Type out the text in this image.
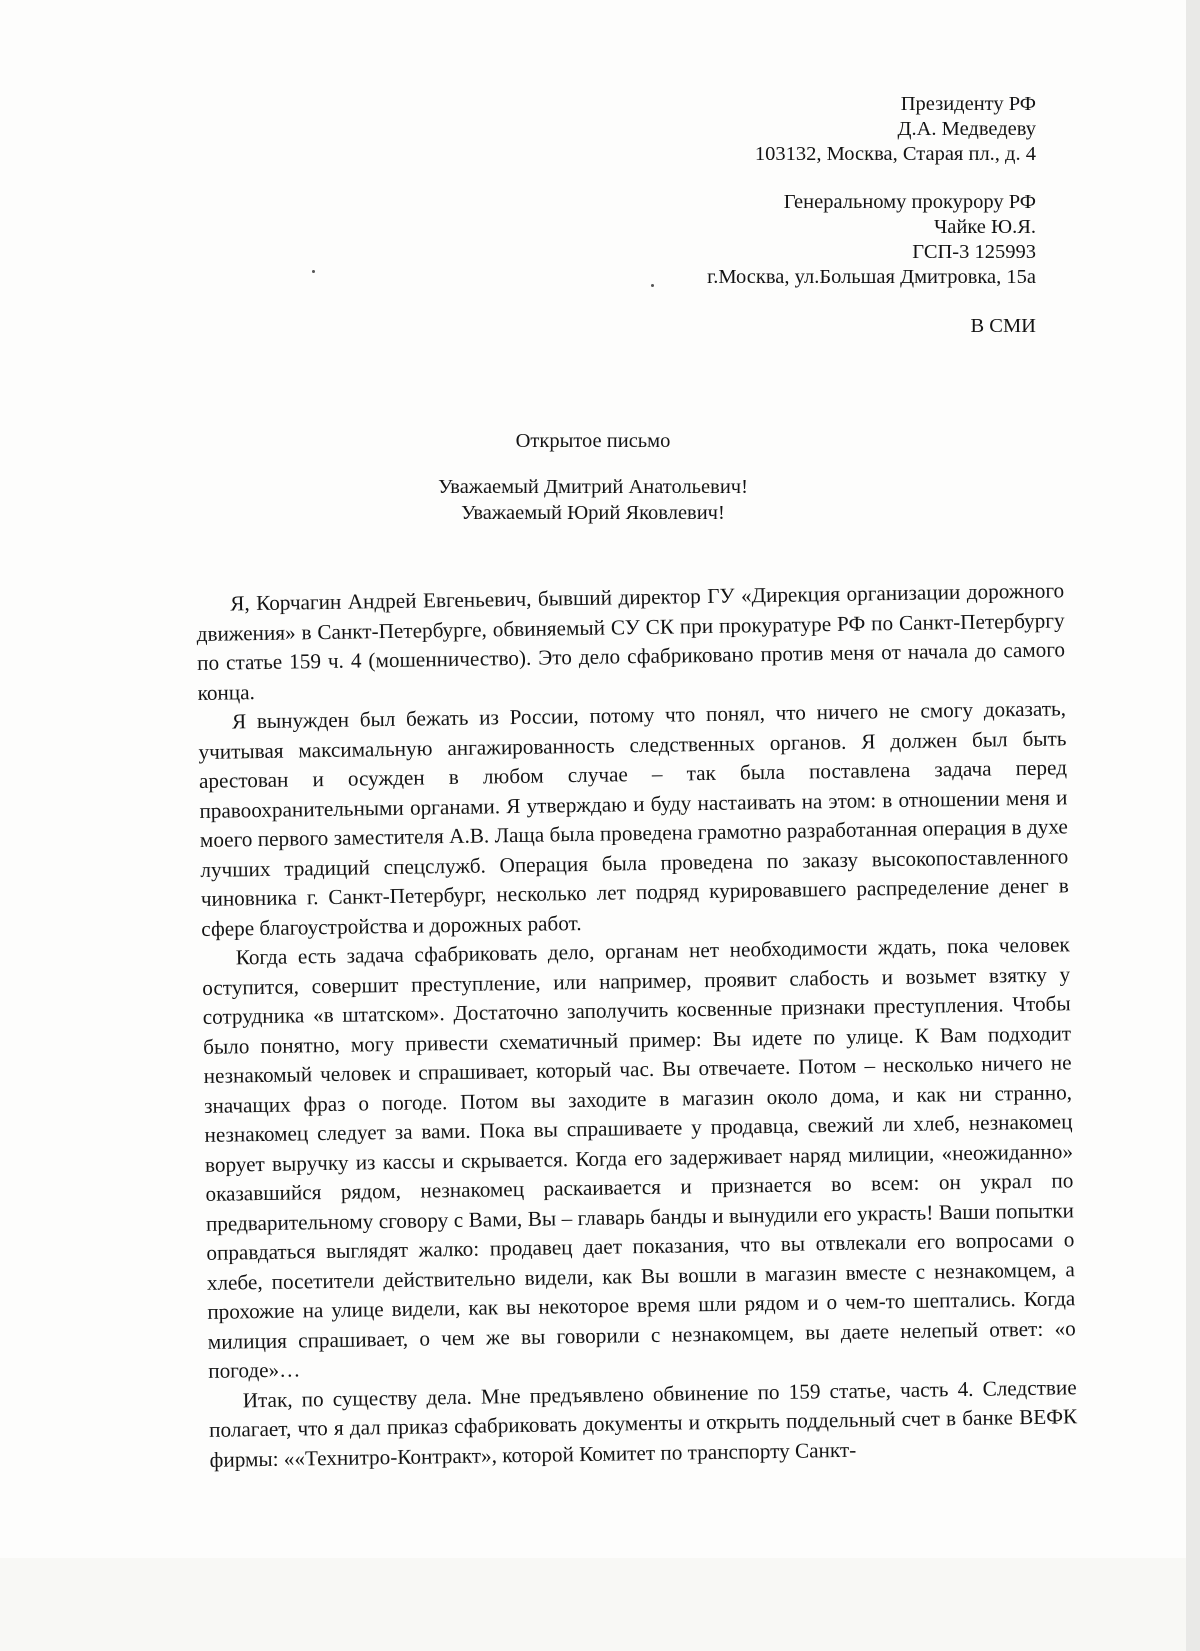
Президенту РФ
Д.А. Медведеву
103132, Москва, Старая пл., д. 4
Генеральному прокурору РФ
Чайке Ю.Я.
ГСП-3 125993
г.Москва, ул.Большая Дмитровка, 15а
В СМИ
Открытое письмо
Уважаемый Дмитрий Анатольевич!
Уважаемый Юрий Яковлевич!

Я, Корчагин Андрей Евгеньевич, бывший директор ГУ «Дирекция организации дорожного движения» в Санкт-Петербурге, обвиняемый СУ СК при прокуратуре РФ по Санкт-Петербургу по статье 159 ч. 4 (мошенничество). Это дело сфабриковано против меня от начала до самого конца.

Я вынужден был бежать из России, потому что понял, что ничего не смогу доказать, учитывая максимальную ангажированность следственных органов. Я должен был быть арестован и осужден в любом случае – так была поставлена задача перед правоохранительными органами. Я утверждаю и буду настаивать на этом: в отношении меня и моего первого заместителя А.В. Лаща была проведена грамотно разработанная операция в духе лучших традиций спецслужб. Операция была проведена по заказу высокопоставленного чиновника г. Санкт-Петербург, несколько лет подряд курировавшего распределение денег в сфере благоустройства и дорожных работ.

Когда есть задача сфабриковать дело, органам нет необходимости ждать, пока человек оступится, совершит преступление, или например, проявит слабость и возьмет взятку у сотрудника «в штатском». Достаточно заполучить косвенные признаки преступления. Чтобы было понятно, могу привести схематичный пример: Вы идете по улице. К Вам подходит незнакомый человек и спрашивает, который час. Вы отвечаете. Потом – несколько ничего не значащих фраз о погоде. Потом вы заходите в магазин около дома, и как ни странно, незнакомец следует за вами. Пока вы спрашиваете у продавца, свежий ли хлеб, незнакомец ворует выручку из кассы и скрывается. Когда его задерживает наряд милиции, «неожиданно» оказавшийся рядом, незнакомец раскаивается и признается во всем: он украл по предварительному сговору с Вами, Вы – главарь банды и вынудили его украсть! Ваши попытки оправдаться выглядят жалко: продавец дает показания, что вы отвлекали его вопросами о хлебе, посетители действительно видели, как Вы вошли в магазин вместе с незнакомцем, а прохожие на улице видели, как вы некоторое время шли рядом и о чем-то шептались. Когда милиция спрашивает, о чем же вы говорили с незнакомцем, вы даете нелепый ответ: «о погоде»…

Итак, по существу дела. Мне предъявлено обвинение по 159 статье, часть 4. Следствие полагает, что я дал приказ сфабриковать документы и открыть поддельный счет в банке ВЕФК фирмы: ««Технитро-Контракт», которой Комитет по транспорту Санкт-
